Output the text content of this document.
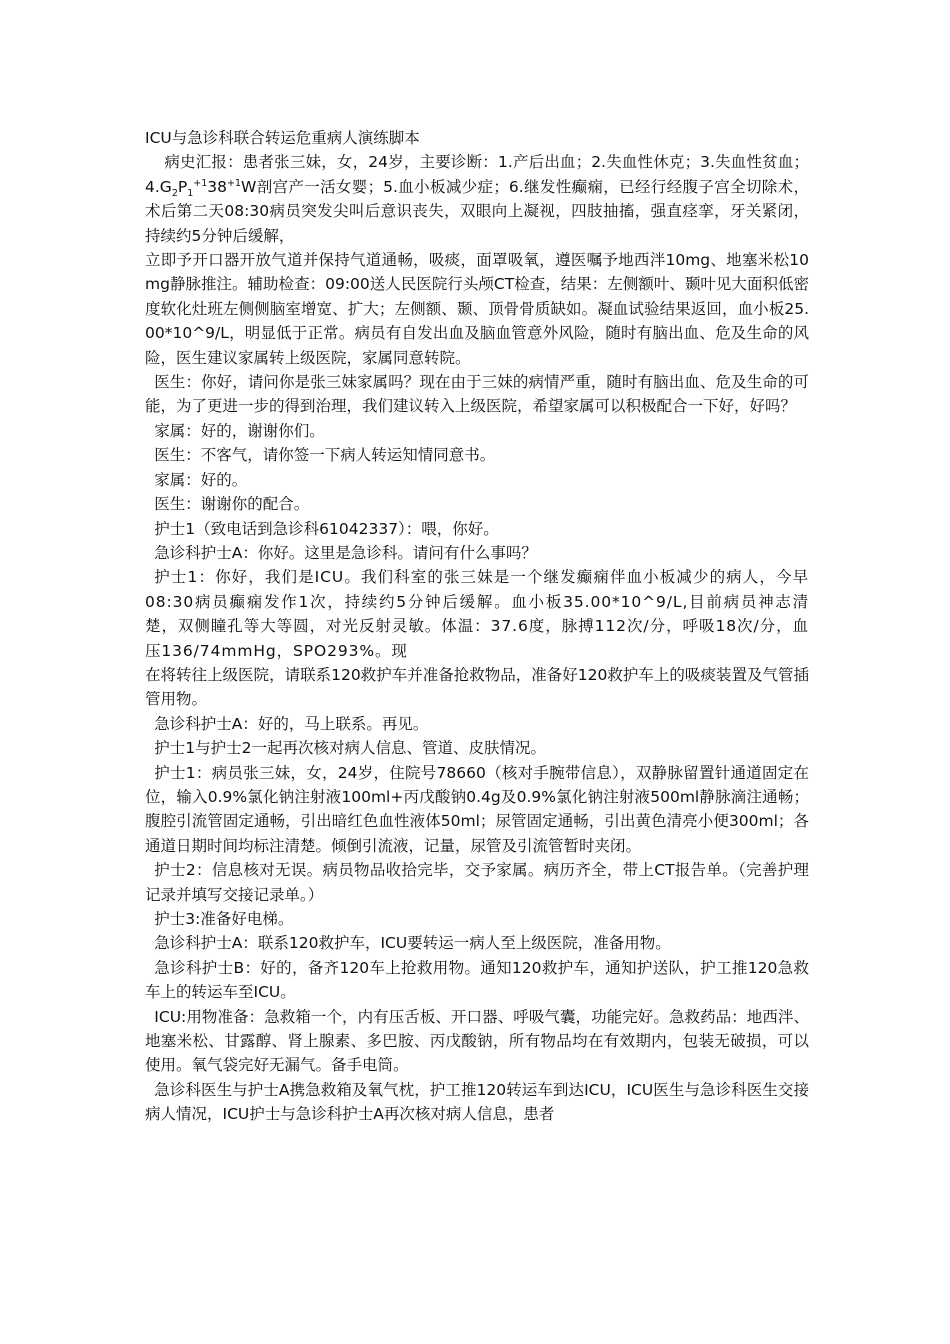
ICU与急诊科联合转运危重病人演练脚本

病史汇报：患者张三妹，女，24岁，主要诊断：1.产后出血；2.失血性休克；3.失血性贫血；$4.G_2P_1^{+1}38^{+1}W$剖宫产一活女婴；5.血小板减少症；6.继发性癫痫，已经行经腹子宫全切除术，术后第二天08:30病员突发尖叫后意识丧失，双眼向上凝视，四肢抽搐，强直痉挛，牙关紧闭，持续约5分钟后缓解，

立即予开口器开放气道并保持气道通畅，吸痰，面罩吸氧，遵医嘱予地西泮10mg、地塞米松10mg静脉推注。辅助检查：09:00送人民医院行头颅CT检查，结果：左侧额叶、颞叶见大面积低密度软化灶班左侧侧脑室增宽、扩大；左侧额、颞、顶骨骨质缺如。凝血试验结果返回，血小板25.00*10^9/L，明显低于正常。病员有自发出血及脑血管意外风险，随时有脑出血、危及生命的风险，医生建议家属转上级医院，家属同意转院。

医生：你好，请问你是张三妹家属吗？现在由于三妹的病情严重，随时有脑出血、危及生命的可能，为了更进一步的得到治理，我们建议转入上级医院，希望家属可以积极配合一下好，好吗？

家属：好的，谢谢你们。

医生：不客气，请你签一下病人转运知情同意书。

家属：好的。

医生：谢谢你的配合。

护士1（致电话到急诊科61042337）：喂，你好。

急诊科护士A：你好。这里是急诊科。请问有什么事吗？

护士1：你好，我们是ICU。我们科室的张三妹是一个继发癫痫伴血小板减少的病人，今早08:30病员癫痫发作1次，持续约5分钟后缓解。血小板35.00*10^9/L,目前病员神志清楚，双侧瞳孔等大等圆，对光反射灵敏。体温：37.6度，脉搏112次/分，呼吸18次/分，血压136/74mmHg，SPO293%。现

在将转往上级医院，请联系120救护车并准备抢救物品，准备好120救护车上的吸痰装置及气管插管用物。

急诊科护士A：好的，马上联系。再见。

护士1与护士2一起再次核对病人信息、管道、皮肤情况。

护士1：病员张三妹，女，24岁，住院号78660（核对手腕带信息），双静脉留置针通道固定在位，输入0.9%氯化钠注射液100ml+丙戊酸钠0.4g及0.9%氯化钠注射液500ml静脉滴注通畅；腹腔引流管固定通畅，引出暗红色血性液体50ml；尿管固定通畅，引出黄色清亮小便300ml；各通道日期时间均标注清楚。倾倒引流液，记量，尿管及引流管暂时夹闭。

护士2：信息核对无误。病员物品收拾完毕，交予家属。病历齐全，带上CT报告单。（完善护理记录并填写交接记录单。）

护士3:准备好电梯。

急诊科护士A：联系120救护车，ICU要转运一病人至上级医院，准备用物。

急诊科护士B：好的，备齐120车上抢救用物。通知120救护车，通知护送队，护工推120急救车上的转运车至ICU。

ICU:用物准备：急救箱一个，内有压舌板、开口器、呼吸气囊，功能完好。急救药品：地西泮、地塞米松、甘露醇、肾上腺素、多巴胺、丙戊酸钠，所有物品均在有效期内，包装无破损，可以使用。氧气袋完好无漏气。备手电筒。

急诊科医生与护士A携急救箱及氧气枕，护工推120转运车到达ICU，ICU医生与急诊科医生交接病人情况，ICU护士与急诊科护士A再次核对病人信息，患者
